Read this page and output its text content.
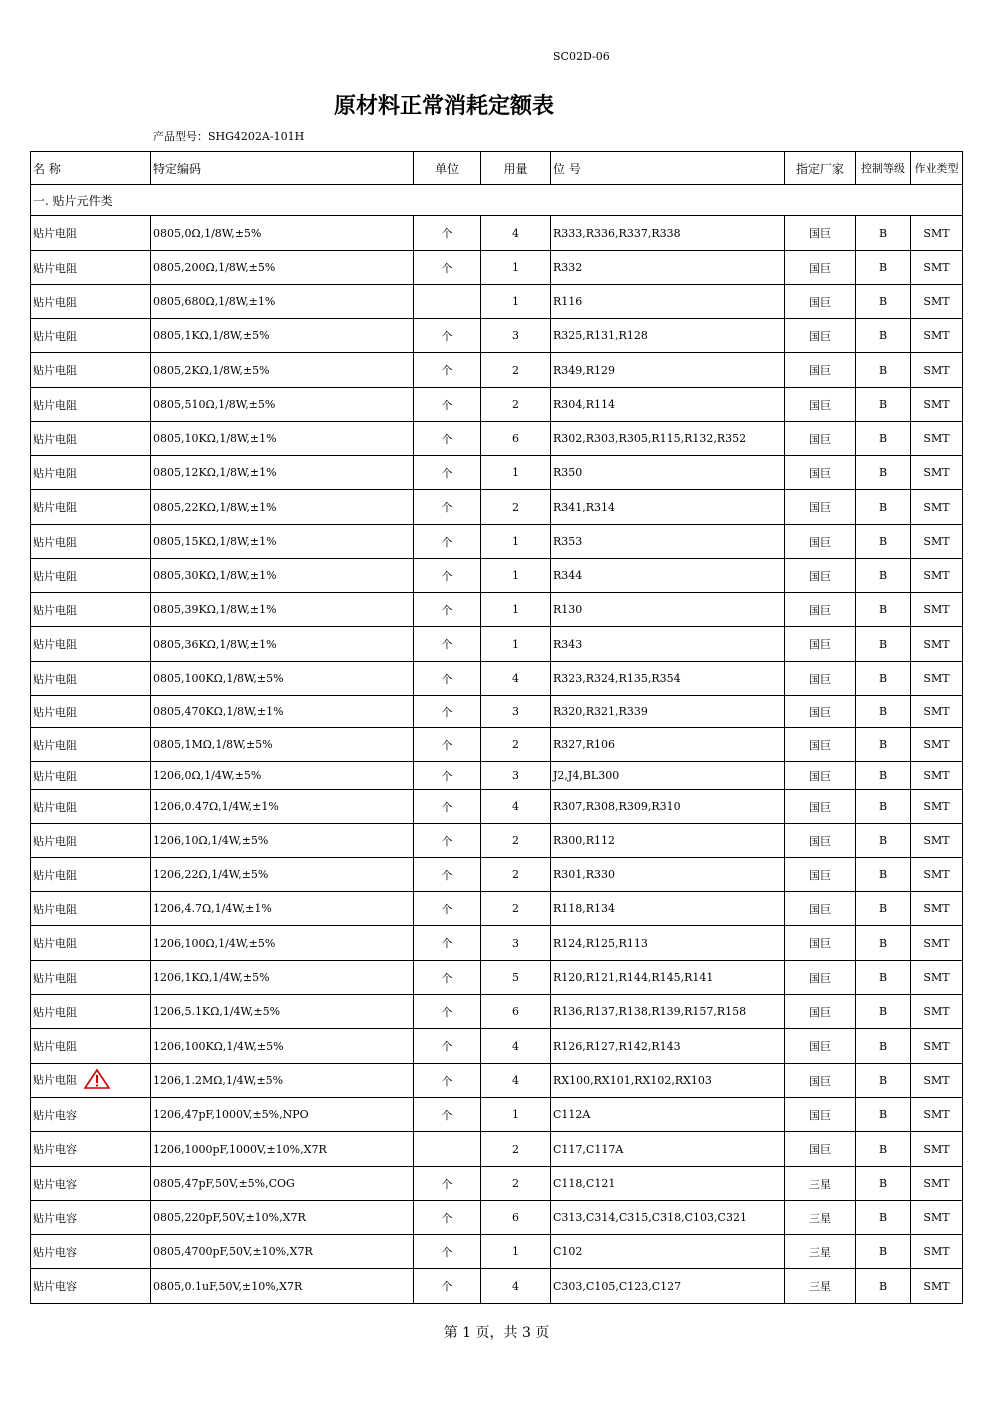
SC02D-06
原材料正常消耗定额表
产品型号：SHG4202A-101H
名 称	特定编码	单位	用量	位 号	指定厂家	控制等级	作业类型
一. 贴片元件类							
贴片电阻	0805,0Ω,1/8W,±5%	个	4	R333,R336,R337,R338	国巨	B	SMT
贴片电阻	0805,200Ω,1/8W,±5%	个	1	R332	国巨	B	SMT
贴片电阻	0805,680Ω,1/8W,±1%		1	R116	国巨	B	SMT
贴片电阻	0805,1KΩ,1/8W,±5%	个	3	R325,R131,R128	国巨	B	SMT
贴片电阻	0805,2KΩ,1/8W,±5%	个	2	R349,R129	国巨	B	SMT
贴片电阻	0805,510Ω,1/8W,±5%	个	2	R304,R114	国巨	B	SMT
贴片电阻	0805,10KΩ,1/8W,±1%	个	6	R302,R303,R305,R115,R132,R352	国巨	B	SMT
贴片电阻	0805,12KΩ,1/8W,±1%	个	1	R350	国巨	B	SMT
贴片电阻	0805,22KΩ,1/8W,±1%	个	2	R341,R314	国巨	B	SMT
贴片电阻	0805,15KΩ,1/8W,±1%	个	1	R353	国巨	B	SMT
贴片电阻	0805,30KΩ,1/8W,±1%	个	1	R344	国巨	B	SMT
贴片电阻	0805,39KΩ,1/8W,±1%	个	1	R130	国巨	B	SMT
贴片电阻	0805,36KΩ,1/8W,±1%	个	1	R343	国巨	B	SMT
贴片电阻	0805,100KΩ,1/8W,±5%	个	4	R323,R324,R135,R354	国巨	B	SMT
贴片电阻	0805,470KΩ,1/8W,±1%	个	3	R320,R321,R339	国巨	B	SMT
贴片电阻	0805,1MΩ,1/8W,±5%	个	2	R327,R106	国巨	B	SMT
贴片电阻	1206,0Ω,1/4W,±5%	个	3	J2,J4,BL300	国巨	B	SMT
贴片电阻	1206,0.47Ω,1/4W,±1%	个	4	R307,R308,R309,R310	国巨	B	SMT
贴片电阻	1206,10Ω,1/4W,±5%	个	2	R300,R112	国巨	B	SMT
贴片电阻	1206,22Ω,1/4W,±5%	个	2	R301,R330	国巨	B	SMT
贴片电阻	1206,4.7Ω,1/4W,±1%	个	2	R118,R134	国巨	B	SMT
贴片电阻	1206,100Ω,1/4W,±5%	个	3	R124,R125,R113	国巨	B	SMT
贴片电阻	1206,1KΩ,1/4W,±5%	个	5	R120,R121,R144,R145,R141	国巨	B	SMT
贴片电阻	1206,5.1KΩ,1/4W,±5%	个	6	R136,R137,R138,R139,R157,R158	国巨	B	SMT
贴片电阻	1206,100KΩ,1/4W,±5%	个	4	R126,R127,R142,R143	国巨	B	SMT
贴片电阻	1206,1.2MΩ,1/4W,±5%	个	4	RX100,RX101,RX102,RX103	国巨	B	SMT
贴片电容	1206,47pF,1000V,±5%,NPO	个	1	C112A	国巨	B	SMT
贴片电容	1206,1000pF,1000V,±10%,X7R		2	C117,C117A	国巨	B	SMT
贴片电容	0805,47pF,50V,±5%,COG	个	2	C118,C121	三星	B	SMT
贴片电容	0805,220pF,50V,±10%,X7R	个	6	C313,C314,C315,C318,C103,C321	三星	B	SMT
贴片电容	0805,4700pF,50V,±10%,X7R	个	1	C102	三星	B	SMT
贴片电容	0805,0.1uF,50V,±10%,X7R	个	4	C303,C105,C123,C127	三星	B	SMT
第 1 页，共 3 页
